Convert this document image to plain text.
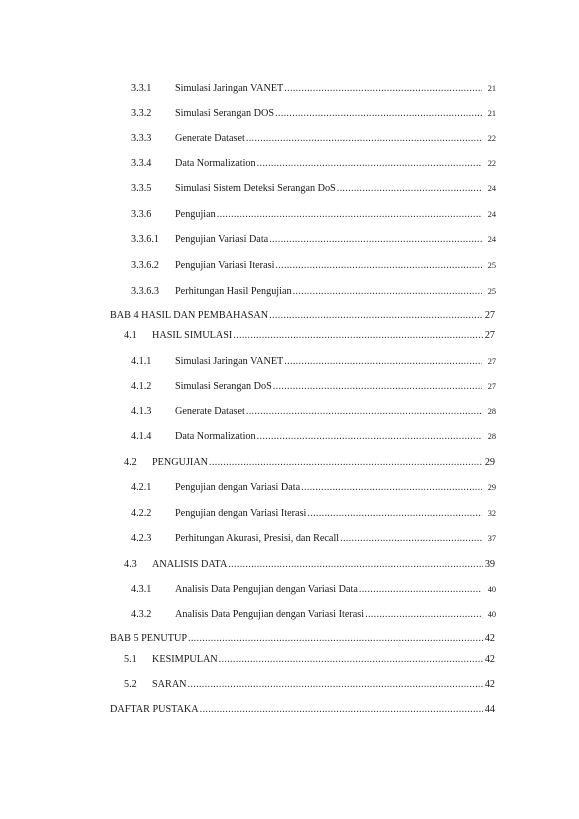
3.3.1 Simulasi Jaringan VANET .....	21
3.3.2 Simulasi Serangan DOS .....	21
3.3.3 Generate Dataset .....	22
3.3.4 Data Normalization .....	22
3.3.5 Simulasi Sistem Deteksi Serangan DoS .....	24
3.3.6 Pengujian .....	24
3.3.6.1 Pengujian Variasi Data .....	24
3.3.6.2 Pengujian Variasi Iterasi .....	25
3.3.6.3 Perhitungan Hasil Pengujian .....	25
BAB 4 HASIL DAN PEMBAHASAN .....	27
4.1 HASIL SIMULASI .....	27
4.1.1 Simulasi Jaringan VANET .....	27
4.1.2 Simulasi Serangan DoS .....	27
4.1.3 Generate Dataset .....	28
4.1.4 Data Normalization .....	28
4.2 PENGUJIAN .....	29
4.2.1 Pengujian dengan Variasi Data .....	29
4.2.2 Pengujian dengan Variasi Iterasi .....	32
4.2.3 Perhitungan Akurasi, Presisi, dan Recall .....	37
4.3 ANALISIS DATA .....	39
4.3.1 Analisis Data Pengujian dengan Variasi Data .....	40
4.3.2 Analisis Data Pengujian dengan Variasi Iterasi .....	40
BAB 5 PENUTUP .....	42
5.1 KESIMPULAN .....	42
5.2 SARAN .....	42
DAFTAR PUSTAKA .....	44
